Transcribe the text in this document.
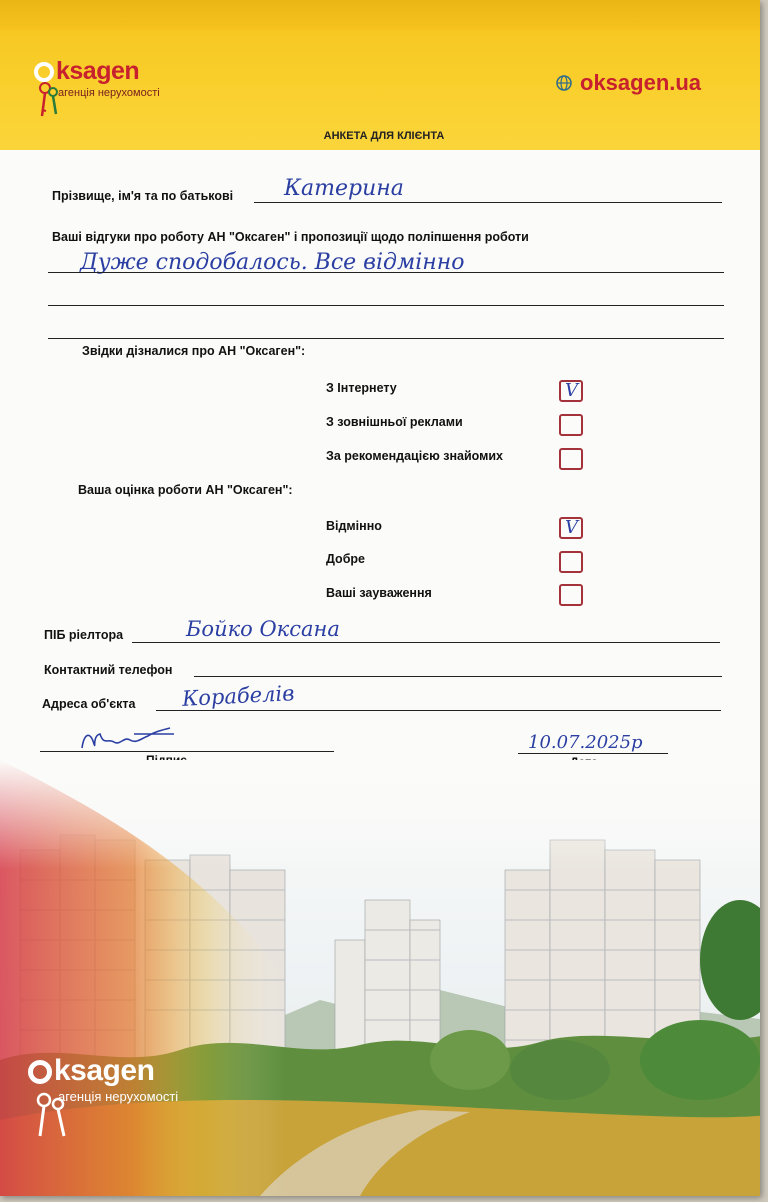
ksagen
агенція нерухомості	oksagen.ua
АНКЕТА ДЛЯ КЛІЄНТА
Прізвище, ім'я та по батькові Катерина
Ваші відгуки про роботу АН "Оксаген" і пропозиції щодо поліпшення роботи
Дуже сподобалось. Все відмінно
Звідки дізналися про АН "Оксаген":
З Інтернету	V
З зовнішньої реклами
За рекомендацією знайомих
Ваша оцінка роботи АН "Оксаген":
Відмінно	V
Добре
Ваші зауваження
ПІБ ріелтора	Бойко Оксана
Контактний телефон
Адреса об'єкта Корабелів
10.07.2025р
ksagen
агенція нерухомості
